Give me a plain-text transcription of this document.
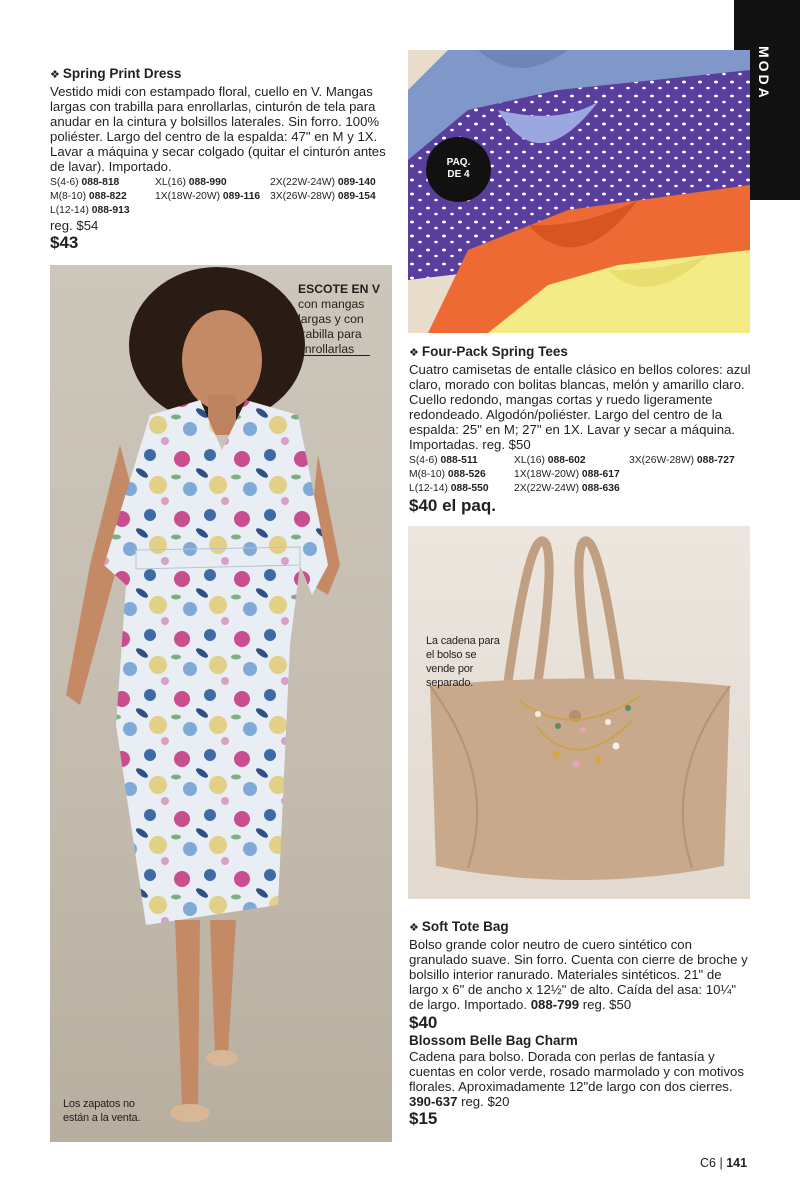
MODA
❖ Spring Print Dress
Vestido midi con estampado floral, cuello en V. Mangas largas con trabilla para enrollarlas, cinturón de tela para anudar en la cintura y bolsillos laterales. Sin forro. 100% poliéster. Largo del centro de la espalda: 47" en M y 1X. Lavar a máquina y secar colgado (quitar el cinturón antes de lavar). Importado.
S(4-6) 088-818	XL(16) 088-990	2X(22W-24W) 089-140
M(8-10) 088-822	1X(18W-20W) 089-116 3X(26W-28W) 089-154
L(12-14) 088-913
reg. $54
$43
ESCOTE EN V con mangas largas y con trabilla para enrollarlas
Los zapatos no están a la venta.
PAQ.
DE 4
❖ Four-Pack Spring Tees
Cuatro camisetas de entalle clásico en bellos colores: azul claro, morado con bolitas blancas, melón y amarillo claro. Cuello redondo, mangas cortas y ruedo ligeramente redondeado. Algodón/poliéster. Largo del centro de la espalda: 25" en M; 27" en 1X. Lavar y secar a máquina. Importadas. reg. $50
S(4-6) 088-511	XL(16) 088-602	3X(26W-28W) 088-727
M(8-10) 088-526	1X(18W-20W) 088-617
L(12-14) 088-550	2X(22W-24W) 088-636
$40 el paq.
La cadena para el bolso se vende por separado.
❖ Soft Tote Bag
Bolso grande color neutro de cuero sintético con granulado suave. Sin forro. Cuenta con cierre de broche y bolsillo interior ranurado. Materiales sintéticos. 21" de largo x 6" de ancho x 12½" de alto. Caída del asa: 10¼" de largo. Importado. 088-799 reg. $50
$40
Blossom Belle Bag Charm
Cadena para bolso. Dorada con perlas de fantasía y cuentas en color verde, rosado marmolado y con motivos florales. Aproximadamente 12"de largo con dos cierres. 390-637 reg. $20
$15
C6 | 141
